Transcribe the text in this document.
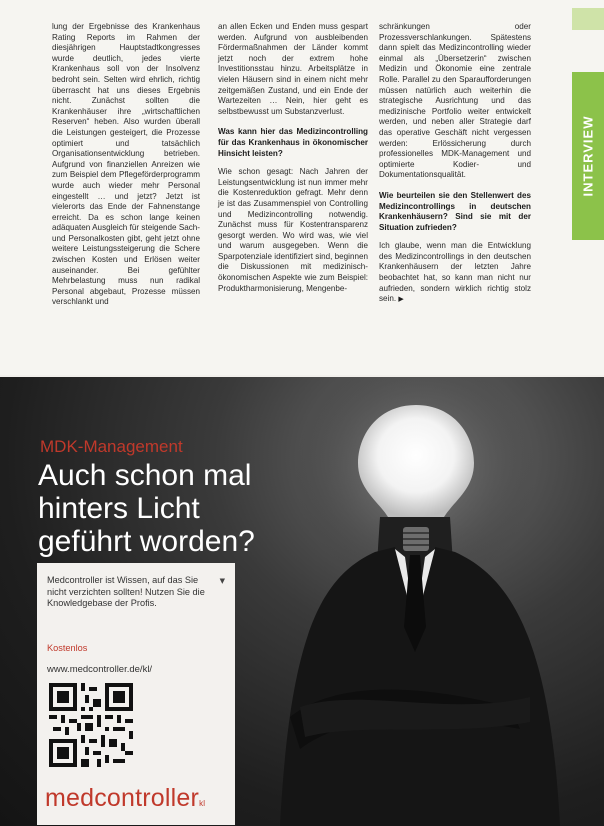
lung der Ergebnisse des Krankenhaus Rating Reports im Rahmen der diesjährigen Hauptstadtkongresses wurde deutlich, jedes vierte Krankenhaus soll von der Insolvenz bedroht sein. Selten wird ehrlich, richtig überrascht hat uns dieses Ergebnis nicht. Zunächst sollten die Krankenhäuser ihre „wirtschaftlichen Reserven“ heben. Also wurden überall die Leistungen gesteigert, die Prozesse optimiert und tatsächlich Organisationsentwicklung betrieben. Aufgrund von finanziellen Anreizen wie zum Beispiel dem Pflegeförderprogramm wurde auch wieder mehr Personal eingestellt … und jetzt? Jetzt ist vielerorts das Ende der Fahnenstange erreicht. Da es schon lange keinen adäquaten Ausgleich für steigende Sach- und Personalkosten gibt, geht jetzt ohne weitere Leistungssteigerung die Schere zwischen Kosten und Erlösen weiter auseinander. Bei gefühlter Mehrbelastung muss nun radikal Personal abgebaut, Prozesse müssen verschlankt und

an allen Ecken und Enden muss gespart werden. Aufgrund von ausbleibenden Fördermaßnahmen der Länder kommt jetzt noch der extrem hohe Investitionsstau hinzu. Arbeitsplätze in vielen Häusern sind in einem nicht mehr zeitgemäßen Zustand, und ein Ende der Wartezeiten … Nein, hier geht es selbstbewusst um Substanzverlust.

Was kann hier das Medizincontrolling für das Krankenhaus in ökonomischer Hinsicht leisten?

Wie schon gesagt: Nach Jahren der Leistungsentwicklung ist nun immer mehr die Kostenreduktion gefragt. Mehr denn je ist das Zusammenspiel von Controlling und Medizincontrolling notwendig. Zunächst muss für Kostentransparenz gesorgt werden. Wo wird was, wie viel und warum ausgegeben. Wenn die Sparpotenziale identifiziert sind, beginnen die Diskussionen mit medizinisch-ökonomischen Aspekte wie zum Beispiel: Produktharmonisierung, Mengenbe-

schränkungen oder Prozessverschlankungen. Spätestens dann spielt das Medizincontrolling wieder einmal als „Übersetzerin“ zwischen Medizin und Ökonomie eine zentrale Rolle. Parallel zu den Sparaufforderungen müssen natürlich auch weiterhin die strategische Ausrichtung und das medizinische Portfolio weiter entwickelt werden, und neben aller Strategie darf das operative Geschäft nicht vergessen werden: Erlössicherung durch professionelles MDK-Management und optimierte Kodier- und Dokumentationsqualität.

Wie beurteilen sie den Stellenwert des Medizincontrollings in deutschen Krankenhäusern? Sind sie mit der Situation zufrieden?

Ich glaube, wenn man die Entwicklung des Medizincontrollings in den deutschen Krankenhäusern der letzten Jahre beobachtet hat, so kann man nicht nur aufrieden, sondern wirklich richtig stolz sein. ▶

INTERVIEW
MDK-Management
Auch schon mal hinters Licht geführt worden?
Medcontroller ist Wissen, auf das Sie nicht verzichten sollten! Nutzen Sie die Knowledgebase der Profis.
▼
Kostenlos
www.medcontroller.de/kl/
medcontrollerkl
